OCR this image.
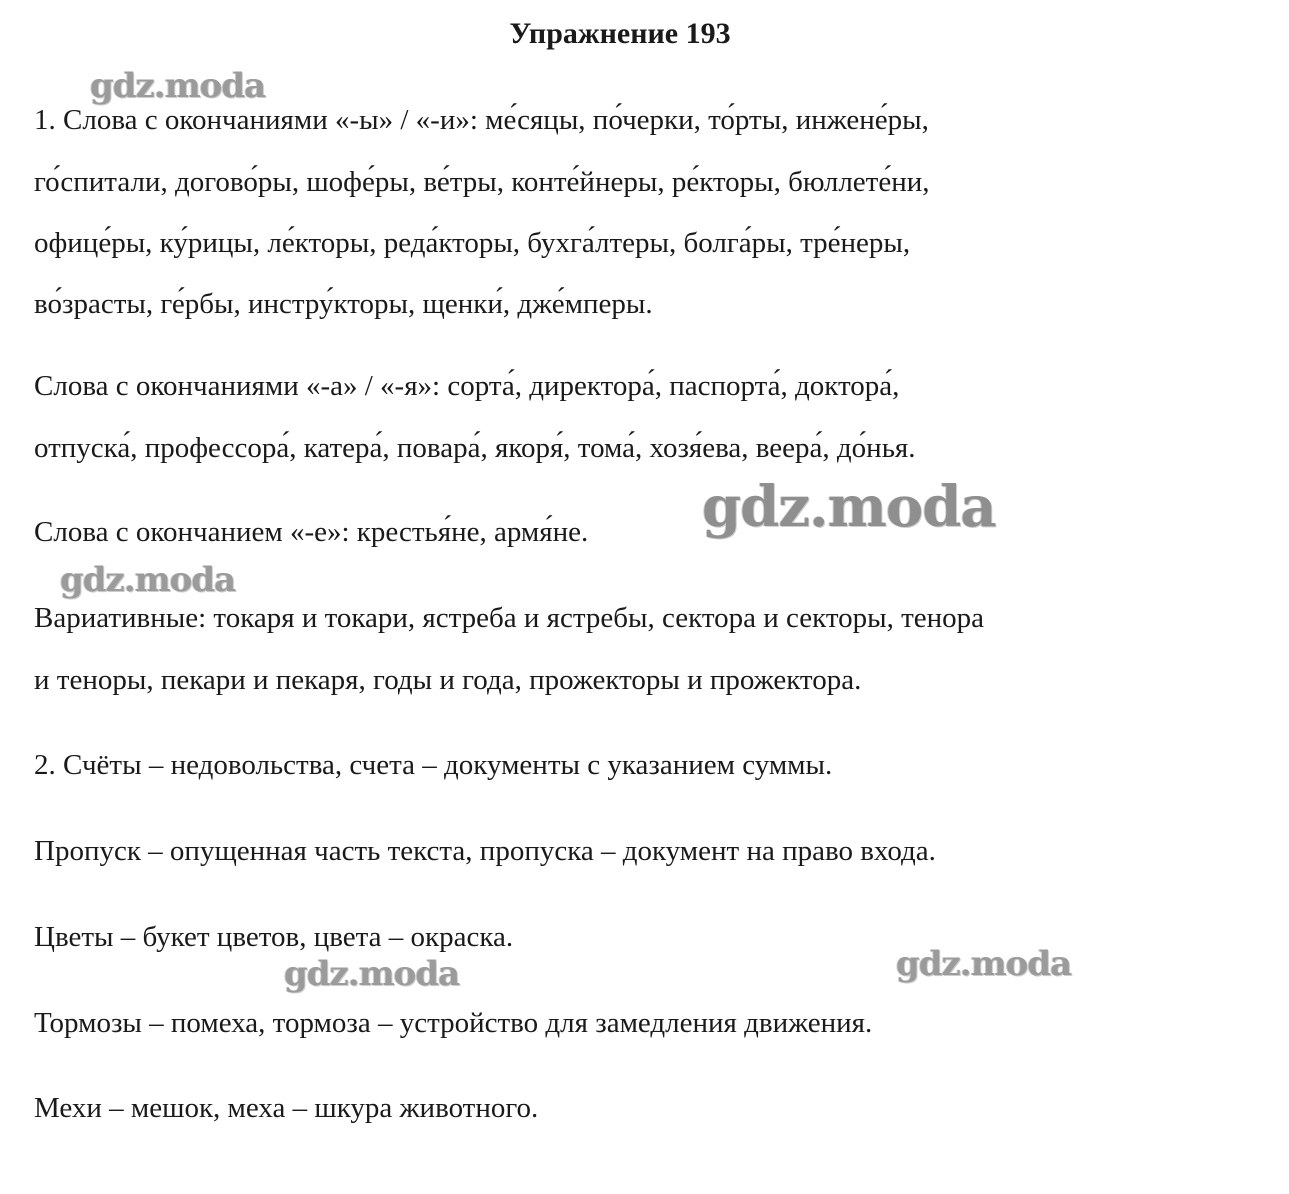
Упражнение 193
1. Слова с окончаниями «-ы» / «-и»: ме́сяцы, по́черки, то́рты, инжене́ры,
го́спитали, догово́ры, шофе́ры, ве́тры, конте́йнеры, ре́кторы, бюллете́ни,
офице́ры, ку́рицы, ле́кторы, реда́кторы, бухга́лтеры, болга́ры, тре́неры,
во́зрасты, ге́рбы, инстру́кторы, щенки́, дже́мперы.
Слова с окончаниями «-а» / «-я»: сорта́, директора́, паспорта́, доктора́,
отпуска́, профессора́, катера́, повара́, якоря́, тома́, хозя́ева, веера́, до́нья.
Слова с окончанием «-е»: крестья́не, армя́не.
Вариативные: токаря и токари, ястреба и ястребы, сектора и секторы, тенора
и теноры, пекари и пекаря, годы и года, прожекторы и прожектора.
2. Счёты – недовольства, счета – документы с указанием суммы.
Пропуск – опущенная часть текста, пропуска – документ на право входа.
Цветы – букет цветов, цвета – окраска.
Тормозы – помеха, тормоза – устройство для замедления движения.
Мехи – мешок, меха – шкура животного.
gdz.moda
gdz.moda
gdz.moda
gdz.moda	gdz.moda
